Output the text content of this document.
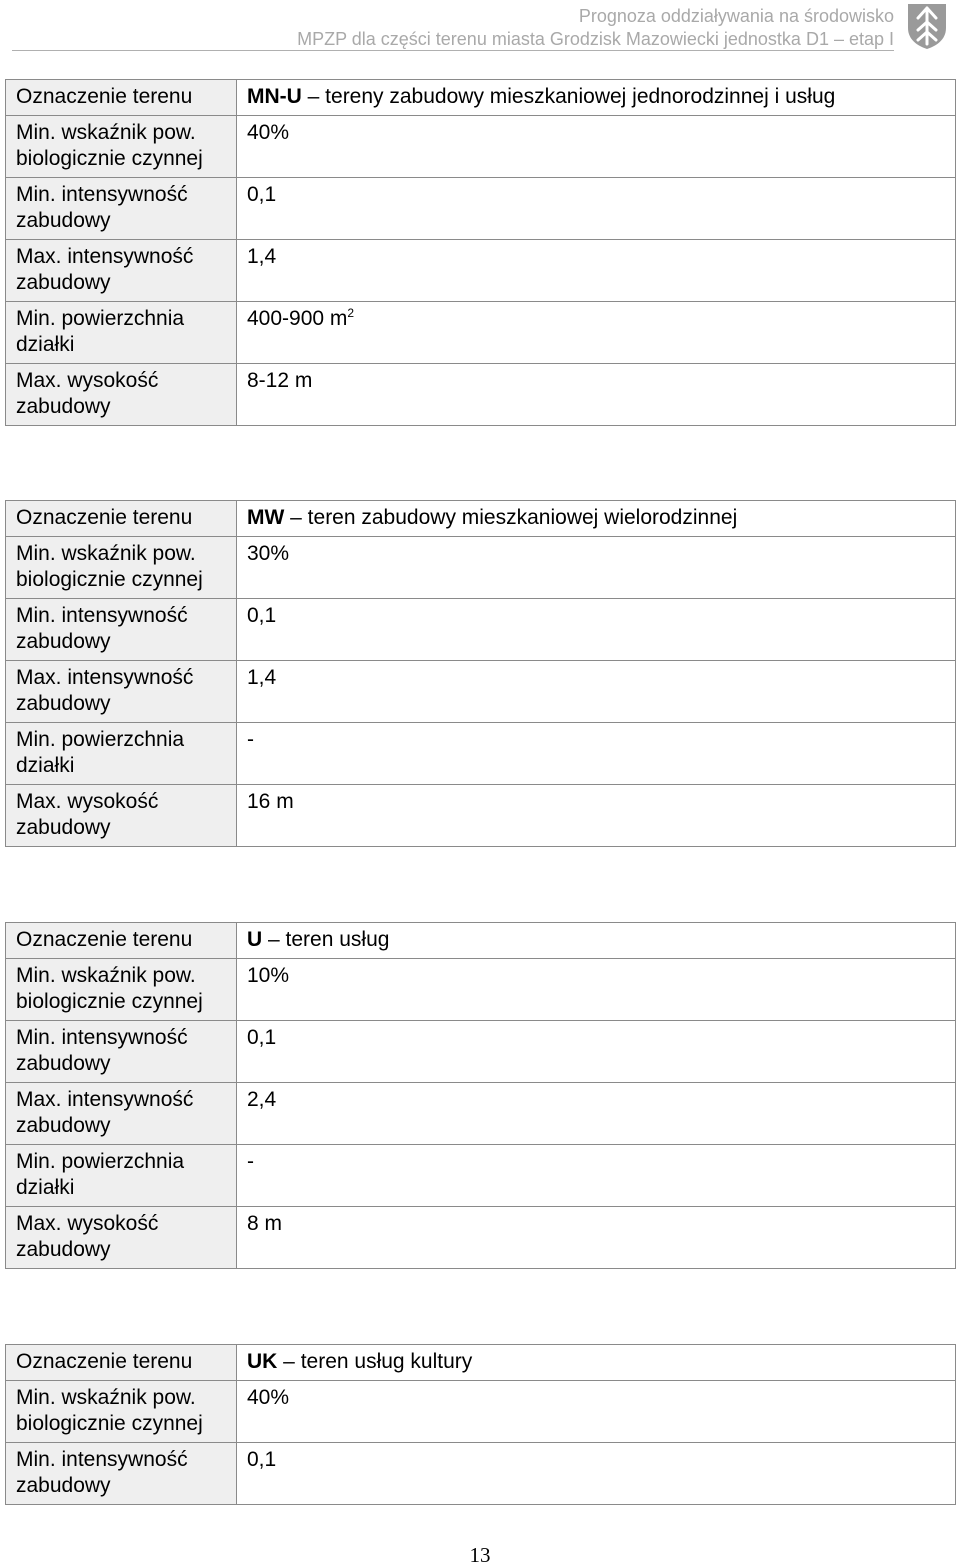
Prognoza oddziaływania na środowisko
MPZP dla części terenu miasta Grodzisk Mazowiecki jednostka D1 – etap I
Oznaczenie terenu	MN-U – tereny zabudowy mieszkaniowej jednorodzinnej i usług
Min. wskaźnik pow. biologicznie czynnej	40%
Min. intensywność zabudowy	0,1
Max. intensywność zabudowy	1,4
Min. powierzchnia działki	400-900 $m^2$
Max. wysokość zabudowy	8-12 m
Oznaczenie terenu	MW – teren zabudowy mieszkaniowej wielorodzinnej
Min. wskaźnik pow. biologicznie czynnej	30%
Min. intensywność zabudowy	0,1
Max. intensywność zabudowy	1,4
Min. powierzchnia działki	-
Max. wysokość zabudowy	16 m
Oznaczenie terenu	U – teren usług
Min. wskaźnik pow. biologicznie czynnej	10%
Min. intensywność zabudowy	0,1
Max. intensywność zabudowy	2,4
Min. powierzchnia działki	-
Max. wysokość zabudowy	8 m
Oznaczenie terenu	UK – teren usług kultury
Min. wskaźnik pow. biologicznie czynnej	40%
Min. intensywność zabudowy	0,1
13
